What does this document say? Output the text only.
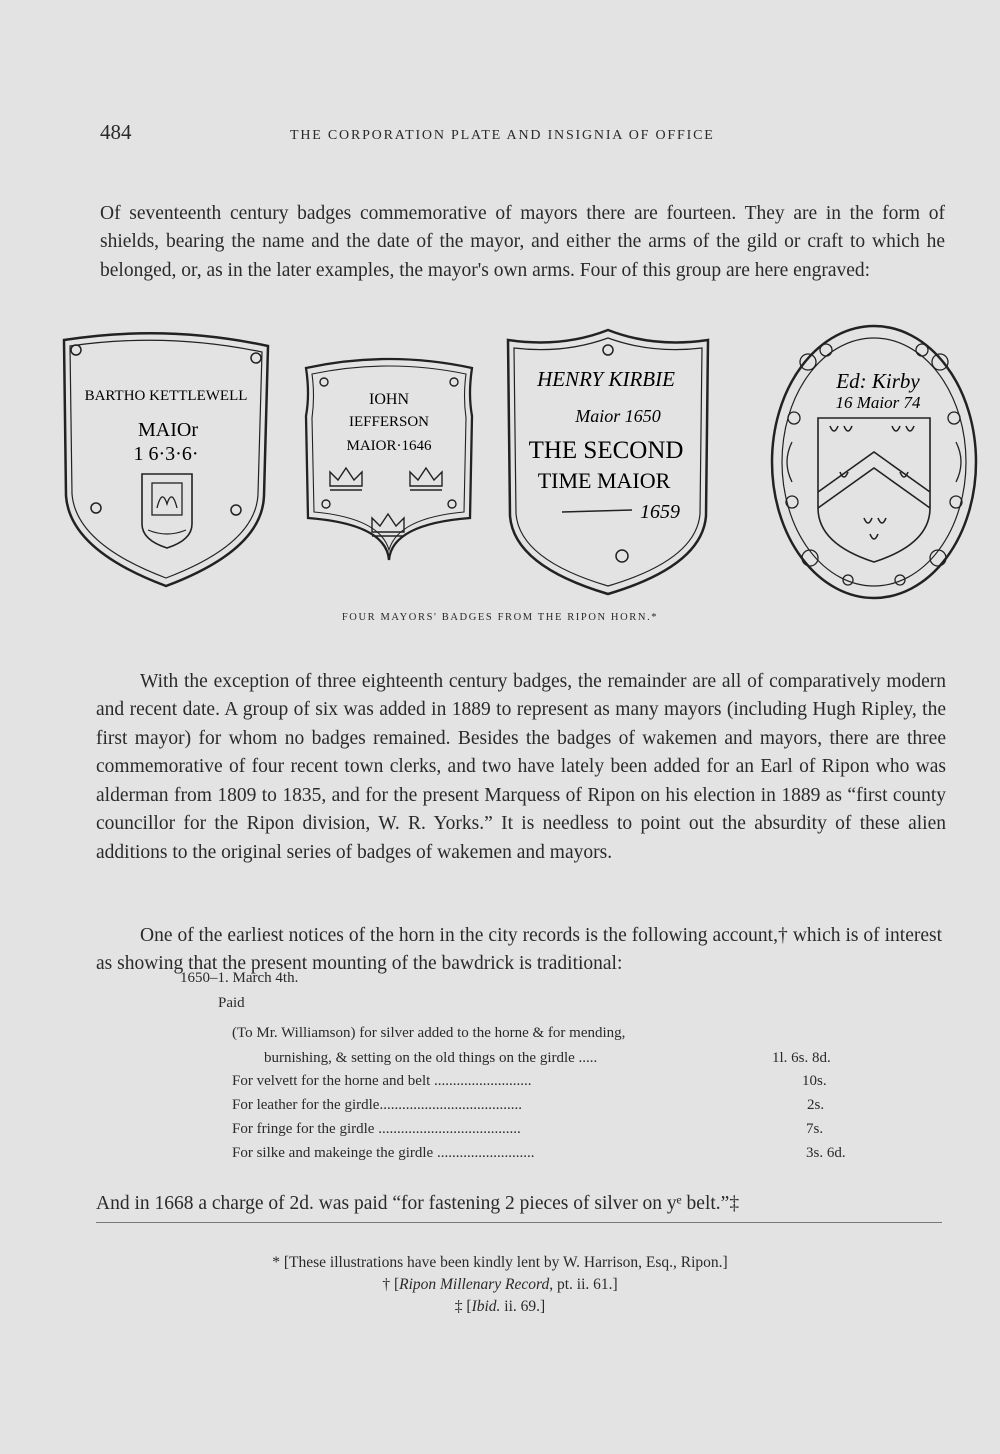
484	THE CORPORATION PLATE AND INSIGNIA OF OFFICE

Of seventeenth century badges commemorative of mayors there are fourteen. They are in the form of shields, bearing the name and the date of the mayor, and either the arms of the gild or craft to which he belonged, or, as in the later examples, the mayor's own arms. Four of this group are here engraved:

BARTHO KETTLEWELL
MAIOr
1 6·3·6·
IOHN
IEFFERSON
MAIOR·1646
HENRY KIRBIE
Maior 1650
THE SECOND
TIME MAIOR
1659
Ed: Kirby
16 Maior 74
FOUR MAYORS' BADGES FROM THE RIPON HORN.*

With the exception of three eighteenth century badges, the remainder are all of comparatively modern and recent date. A group of six was added in 1889 to represent as many mayors (including Hugh Ripley, the first mayor) for whom no badges remained. Besides the badges of wakemen and mayors, there are three commemorative of four recent town clerks, and two have lately been added for an Earl of Ripon who was alderman from 1809 to 1835, and for the present Marquess of Ripon on his election in 1889 as “first county councillor for the Ripon division, W. R. Yorks.” It is needless to point out the absurdity of these alien additions to the original series of badges of wakemen and mayors.

One of the earliest notices of the horn in the city records is the following account,† which is of interest as showing that the present mounting of the bawdrick is traditional:

1650–1. March 4th.
Paid
(To Mr. Williamson) for silver added to the horne & for mending,
burnishing, & setting on the old things on the girdle .....	1l. 6s. 8d.
For velvett for the horne and belt ..........................	10s.
For leather for the girdle......................................	2s.
For fringe for the girdle ......................................	7s.
For silke and makeinge the girdle ..........................	3s. 6d.

And in 1668 a charge of 2d. was paid “for fastening 2 pieces of silver on yᵉ belt.”‡

* [These illustrations have been kindly lent by W. Harrison, Esq., Ripon.]
† [Ripon Millenary Record, pt. ii. 61.]
‡ [Ibid. ii. 69.]
